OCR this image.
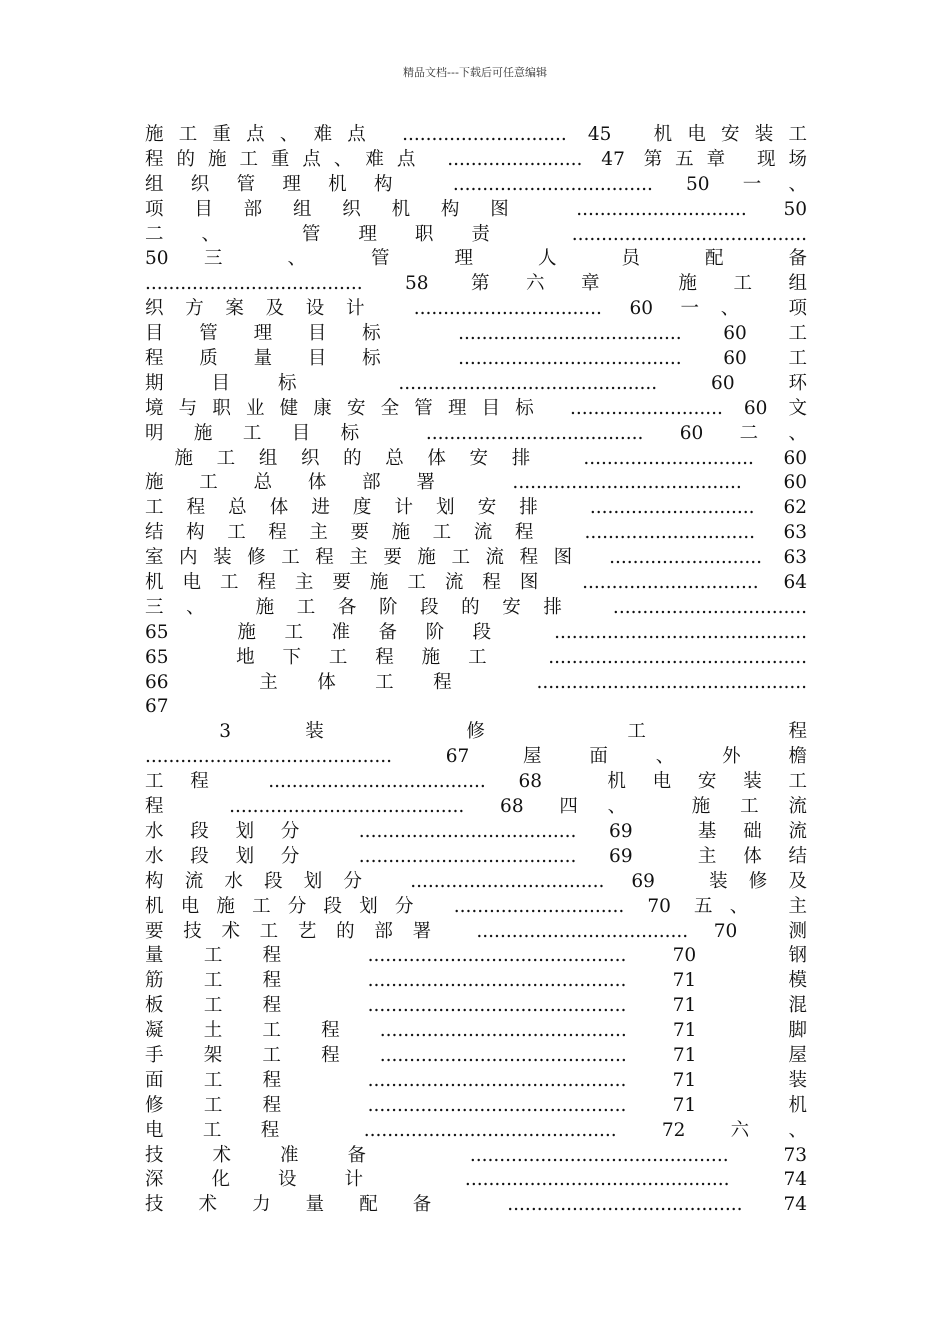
精品文档---下载后可任意编辑
施工重点、难点 ............................ 45  机电安装工
程的施工重点、难点 ....................... 47 第五章 现场
组织管理机构 .................................. 50 一、
项目部组织机构图 ............................. 50
二、 管理职责 ........................................
50 三 、 管 理 人 员 配 备
..................................... 58 第六章 施工组
织方案及设计 ................................ 60 一、 项
目管理目标 ...................................... 60 工
程质量目标 ...................................... 60 工
期目标 ............................................ 60 环
境与职业健康安全管理目标 .......................... 60 文
明施工目标 ..................................... 60 二、
施工组织的总体安排 ............................. 60
施工总体部署 ....................................... 60
工程总体进度计划安排 ............................ 62
结构工程主要施工流程 ............................. 63
室内装修工程主要施工流程图 .......................... 63
机电工程主要施工流程图 .............................. 64
三、 施工各阶段的安排 .................................
65  施工准备阶段 ...........................................
65  地下工程施工 ............................................
66  主体工程 ..............................................
67
3 装 修 工 程
.......................................... 67 屋面、外檐
工程 ..................................... 68  机电安装工
程 ........................................ 68 四、 施工流
水段划分 ..................................... 69  基础流
水段划分 ..................................... 69  主体结
构流水段划分 ................................. 69  装修及
机电施工分段划分 ............................. 70 五、 主
要技术工艺的部署 .................................... 70  测
量工程 ............................................ 70  钢
筋工程 ............................................ 71  模
板工程 ............................................ 71  混
凝土工程.......................................... 71  脚
手架工程.......................................... 71  屋
面工程 ............................................ 71  装
修工程 ............................................ 71  机
电工程 ........................................... 72 六、
技术准备 ............................................ 73
深化设计 ............................................. 74
技术力量配备 ........................................ 74
